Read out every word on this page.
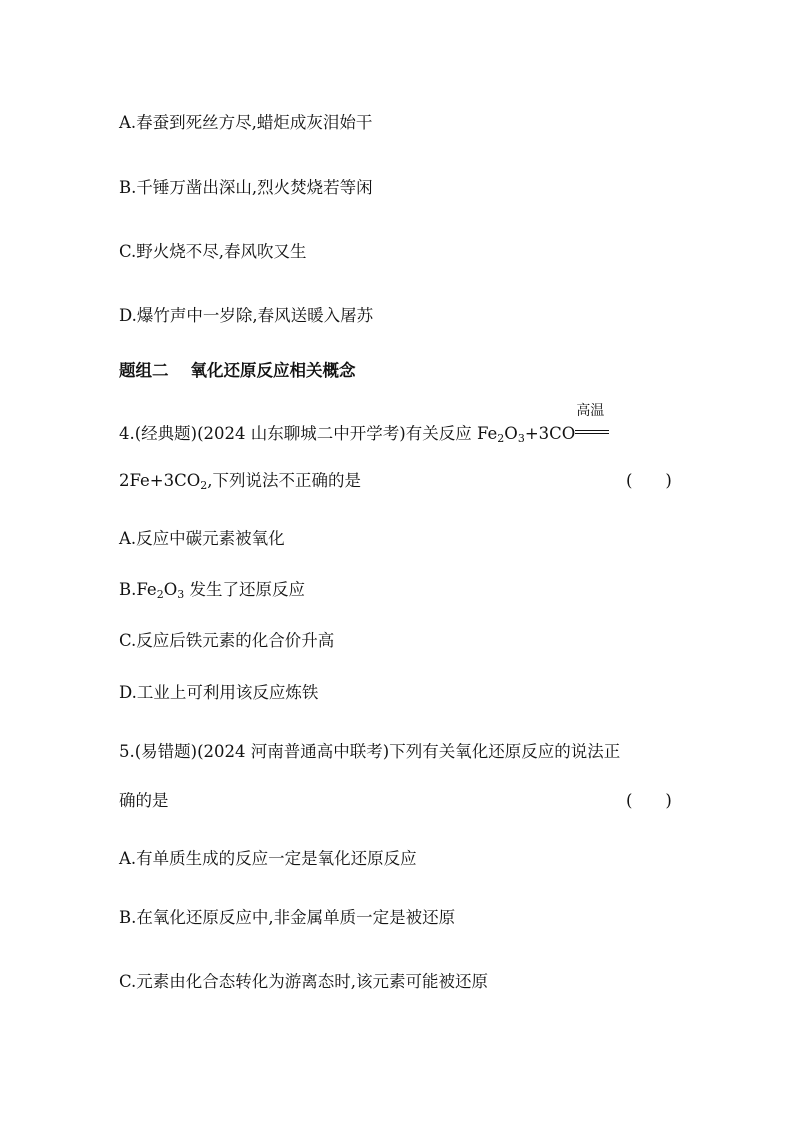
A.春蚕到死丝方尽,蜡炬成灰泪始干
B.千锤万凿出深山,烈火焚烧若等闲
C.野火烧不尽,春风吹又生
D.爆竹声中一岁除,春风送暖入屠苏
题组二 氧化还原反应相关概念
4.(经典题)(2024 山东聊城二中开学考)有关反应 $Fe_2O_3+3CO$
高温
$2Fe+3CO_2$,下列说法不正确的是	(　　)
A.反应中碳元素被氧化
$B.Fe_2O_3$ 发生了还原反应
C.反应后铁元素的化合价升高
D.工业上可利用该反应炼铁
5.(易错题)(2024 河南普通高中联考)下列有关氧化还原反应的说法正
确的是	(　　)
A.有单质生成的反应一定是氧化还原反应
B.在氧化还原反应中,非金属单质一定是被还原
C.元素由化合态转化为游离态时,该元素可能被还原
